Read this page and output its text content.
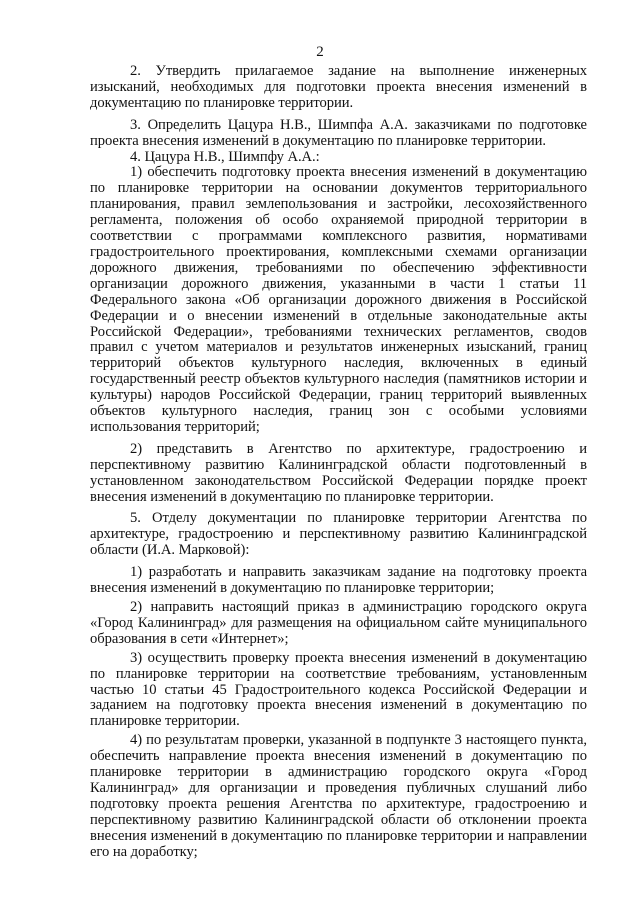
2

2. Утвердить прилагаемое задание на выполнение инженерных изысканий, необходимых для подготовки проекта внесения изменений в документацию по планировке территории.

3. Определить Цацура Н.В., Шимпфа А.А. заказчиками по подготовке проекта внесения изменений в документацию по планировке территории.

4. Цацура Н.В., Шимпфу А.А.:

1) обеспечить подготовку проекта внесения изменений в документацию по планировке территории на основании документов территориального планирования, правил землепользования и застройки, лесохозяйственного регламента, положения об особо охраняемой природной территории в соответствии с программами комплексного развития, нормативами градостроительного проектирования, комплексными схемами организации дорожного движения, требованиями по обеспечению эффективности организации дорожного движения, указанными в части 1 статьи 11 Федерального закона «Об организации дорожного движения в Российской Федерации и о внесении изменений в отдельные законодательные акты Российской Федерации», требованиями технических регламентов, сводов правил с учетом материалов и результатов инженерных изысканий, границ территорий объектов культурного наследия, включенных в единый государственный реестр объектов культурного наследия (памятников истории и культуры) народов Российской Федерации, границ территорий выявленных объектов культурного наследия, границ зон с особыми условиями использования территорий;

2) представить в Агентство по архитектуре, градостроению и перспективному развитию Калининградской области подготовленный в установленном законодательством Российской Федерации порядке проект внесения изменений в документацию по планировке территории.

5. Отделу документации по планировке территории Агентства по архитектуре, градостроению и перспективному развитию Калининградской области (И.А. Марковой):

1) разработать и направить заказчикам задание на подготовку проекта внесения изменений в документацию по планировке территории;

2) направить настоящий приказ в администрацию городского округа «Город Калининград» для размещения на официальном сайте муниципального образования в сети «Интернет»;

3) осуществить проверку проекта внесения изменений в документацию по планировке территории на соответствие требованиям, установленным частью 10 статьи 45 Градостроительного кодекса Российской Федерации и заданием на подготовку проекта внесения изменений в документацию по планировке территории.

4) по результатам проверки, указанной в подпункте 3 настоящего пункта, обеспечить направление проекта внесения изменений в документацию по планировке территории в администрацию городского округа «Город Калининград» для организации и проведения публичных слушаний либо подготовку проекта решения Агентства по архитектуре, градостроению и перспективному развитию Калининградской области об отклонении проекта внесения изменений в документацию по планировке территории и направлении его на доработку;
